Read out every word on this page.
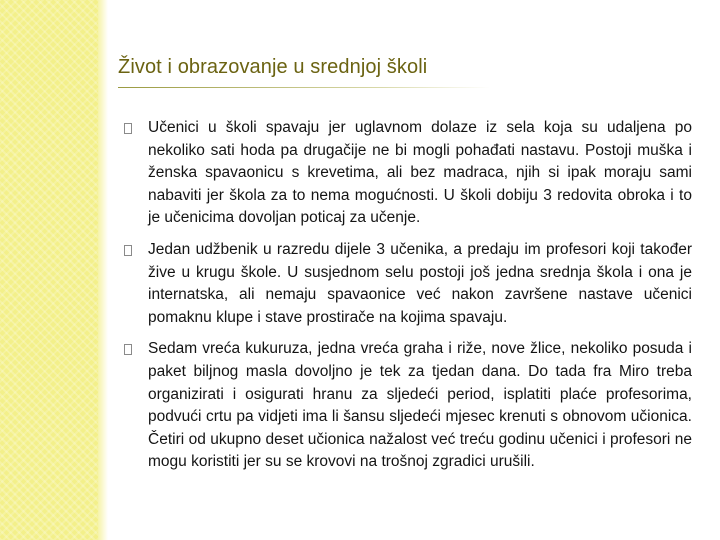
Život i obrazovanje u srednjoj školi
Učenici u školi spavaju jer uglavnom dolaze iz sela koja su udaljena po nekoliko sati hoda pa drugačije ne bi mogli pohađati nastavu. Postoji muška i ženska spavaonicu s krevetima, ali bez madraca, njih si ipak moraju sami nabaviti jer škola za to nema mogućnosti. U školi dobiju 3 redovita obroka i to je učenicima dovoljan poticaj za učenje.
Jedan udžbenik u razredu dijele 3 učenika, a predaju im profesori koji također žive u krugu škole. U susjednom selu postoji još jedna srednja škola i ona je internatska, ali nemaju spavaonice već nakon završene nastave učenici pomaknu klupe i stave prostirače na kojima spavaju.
Sedam vreća kukuruza, jedna vreća graha i riže, nove žlice, nekoliko posuda i paket biljnog masla dovoljno je tek za tjedan dana. Do tada fra Miro treba organizirati i osigurati hranu za sljedeći period, isplatiti plaće profesorima, podvući crtu pa vidjeti ima li šansu sljedeći mjesec krenuti s obnovom učionica. Četiri od ukupno deset učionica nažalost već treću godinu učenici i profesori ne mogu koristiti jer su se krovovi na trošnoj zgradici urušili.
